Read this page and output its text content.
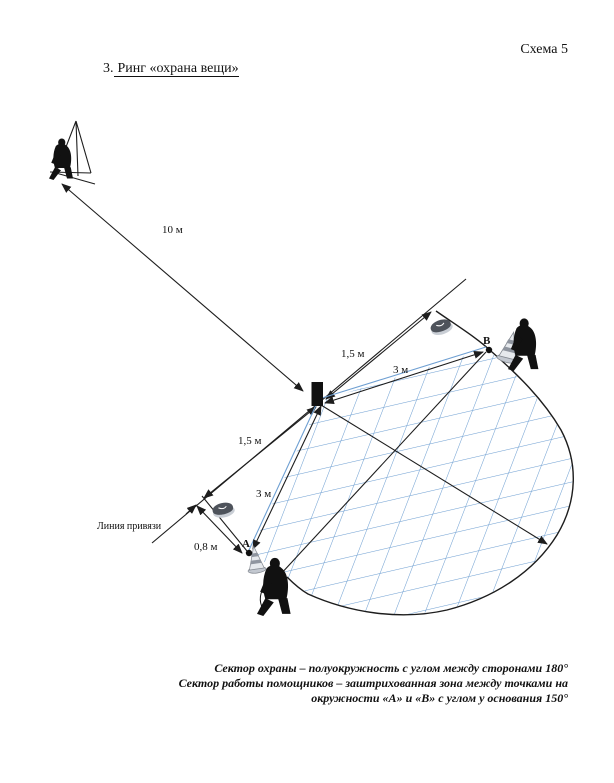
Схема 5
3. Ринг «охрана вещи»
10 м
1,5 м
3 м
1,5 м
3 м
0,8 м
Линия привязи
А
В
Сектор охраны – полуокружность с углом между сторонами 180°
Сектор работы помощников – заштрихованная зона между точками на
окружности «А» и «В» с углом у основания 150°
